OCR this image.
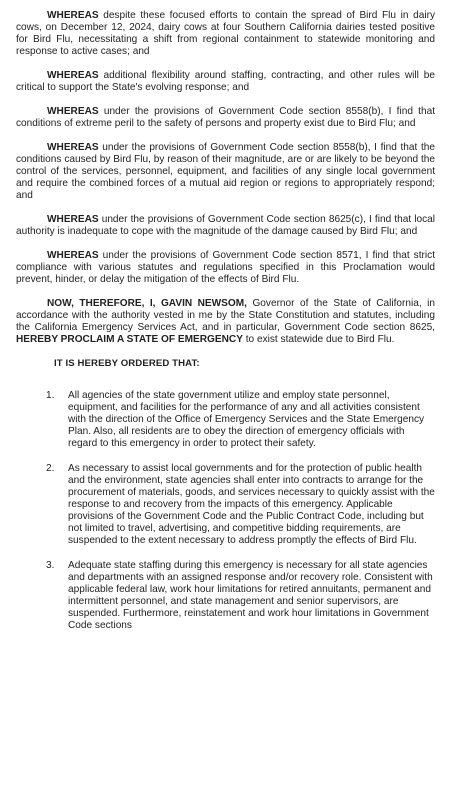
WHEREAS despite these focused efforts to contain the spread of Bird Flu in dairy cows, on December 12, 2024, dairy cows at four Southern California dairies tested positive for Bird Flu, necessitating a shift from regional containment to statewide monitoring and response to active cases; and

WHEREAS additional flexibility around staffing, contracting, and other rules will be critical to support the State's evolving response; and

WHEREAS under the provisions of Government Code section 8558(b), I find that conditions of extreme peril to the safety of persons and property exist due to Bird Flu; and

WHEREAS under the provisions of Government Code section 8558(b), I find that the conditions caused by Bird Flu, by reason of their magnitude, are or are likely to be beyond the control of the services, personnel, equipment, and facilities of any single local government and require the combined forces of a mutual aid region or regions to appropriately respond; and

WHEREAS under the provisions of Government Code section 8625(c), I find that local authority is inadequate to cope with the magnitude of the damage caused by Bird Flu; and

WHEREAS under the provisions of Government Code section 8571, I find that strict compliance with various statutes and regulations specified in this Proclamation would prevent, hinder, or delay the mitigation of the effects of Bird Flu.

NOW, THEREFORE, I, GAVIN NEWSOM, Governor of the State of California, in accordance with the authority vested in me by the State Constitution and statutes, including the California Emergency Services Act, and in particular, Government Code section 8625, HEREBY PROCLAIM A STATE OF EMERGENCY to exist statewide due to Bird Flu.

IT IS HEREBY ORDERED THAT:
1. All agencies of the state government utilize and employ state personnel, equipment, and facilities for the performance of any and all activities consistent with the direction of the Office of Emergency Services and the State Emergency Plan. Also, all residents are to obey the direction of emergency officials with regard to this emergency in order to protect their safety.
2. As necessary to assist local governments and for the protection of public health and the environment, state agencies shall enter into contracts to arrange for the procurement of materials, goods, and services necessary to quickly assist with the response to and recovery from the impacts of this emergency. Applicable provisions of the Government Code and the Public Contract Code, including but not limited to travel, advertising, and competitive bidding requirements, are suspended to the extent necessary to address promptly the effects of Bird Flu.
3. Adequate state staffing during this emergency is necessary for all state agencies and departments with an assigned response and/or recovery role. Consistent with applicable federal law, work hour limitations for retired annuitants, permanent and intermittent personnel, and state management and senior supervisors, are suspended. Furthermore, reinstatement and work hour limitations in Government Code sections
